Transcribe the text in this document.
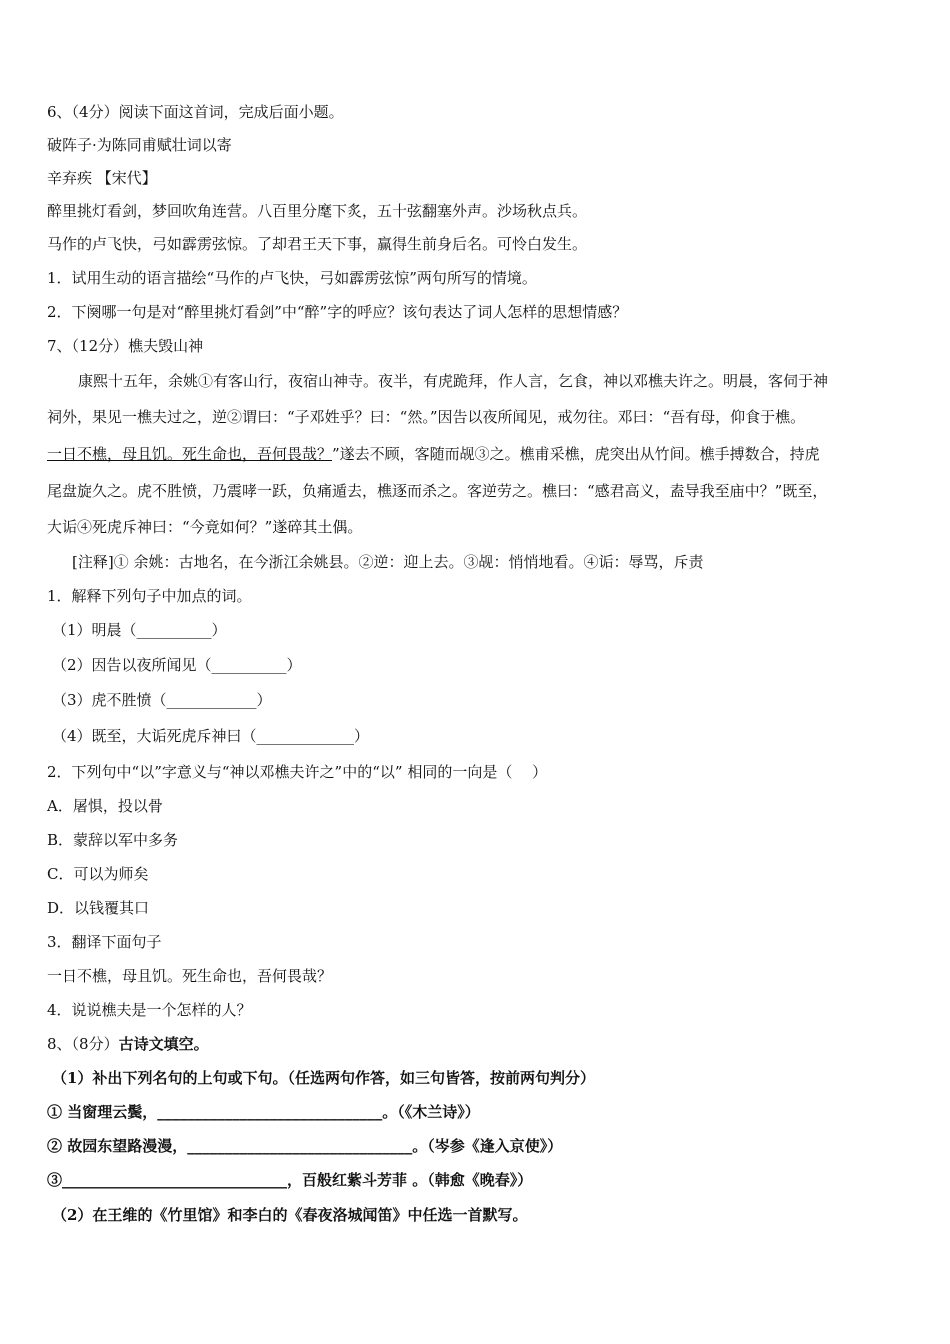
6、（4分）阅读下面这首词，完成后面小题。
破阵子·为陈同甫赋壮词以寄
辛弃疾 【宋代】
醉里挑灯看剑，梦回吹角连营。八百里分麾下炙，五十弦翻塞外声。沙场秋点兵。
马作的卢飞快，弓如霹雳弦惊。了却君王天下事，赢得生前身后名。可怜白发生。
1．试用生动的语言描绘“马作的卢飞快，弓如霹雳弦惊”两句所写的情境。
2．下阕哪一句是对“醉里挑灯看剑”中“醉”字的呼应？该句表达了词人怎样的思想情感？
7、（12分）樵夫毁山神
康熙十五年，余姚①有客山行，夜宿山神寺。夜半，有虎跪拜，作人言，乞食，神以邓樵夫许之。明晨，客伺于神
祠外，果见一樵夫过之，逆②谓曰：“子邓姓乎？曰：“然。”因告以夜所闻见，戒勿往。邓曰：“吾有母，仰食于樵。
一日不樵，母且饥。死生命也，吾何畏哉？”遂去不顾，客随而觇③之。樵甫采樵，虎突出从竹间。樵手搏数合，持虎
尾盘旋久之。虎不胜愤，乃震哮一跃，负痛遁去，樵逐而杀之。客逆劳之。樵曰：“感君高义，盍导我至庙中？”既至，
大诟④死虎斥神曰：“今竟如何？”遂碎其土偶。
[注释]① 余姚：古地名，在今浙江余姚县。②逆：迎上去。③觇：悄悄地看。④诟：辱骂，斥责
1．解释下列句子中加点的词。
（1）明晨（__________）
（2）因告以夜所闻见（__________）
（3）虎不胜愤（____________）
（4）既至，大诟死虎斥神曰（_____________）
2．下列句中“以”字意义与“神以邓樵夫许之”中的“以” 相同的一向是（　 ）
A．屠惧，投以骨
B．蒙辞以军中多务
C．可以为师矣
D．以钱覆其口
3．翻译下面句子
一日不樵，母且饥。死生命也，吾何畏哉？
4．说说樵夫是一个怎样的人？
8、（8分）古诗文填空。
（1）补出下列名句的上句或下句。（任选两句作答，如三句皆答，按前两句判分）
① 当窗理云鬓，______________________________。（《木兰诗》）
② 故园东望路漫漫，______________________________。（岑参《逢入京使》）
③______________________________，百般红紫斗芳菲 。（韩愈《晚春》）
（2）在王维的《竹里馆》和李白的《春夜洛城闻笛》中任选一首默写。
